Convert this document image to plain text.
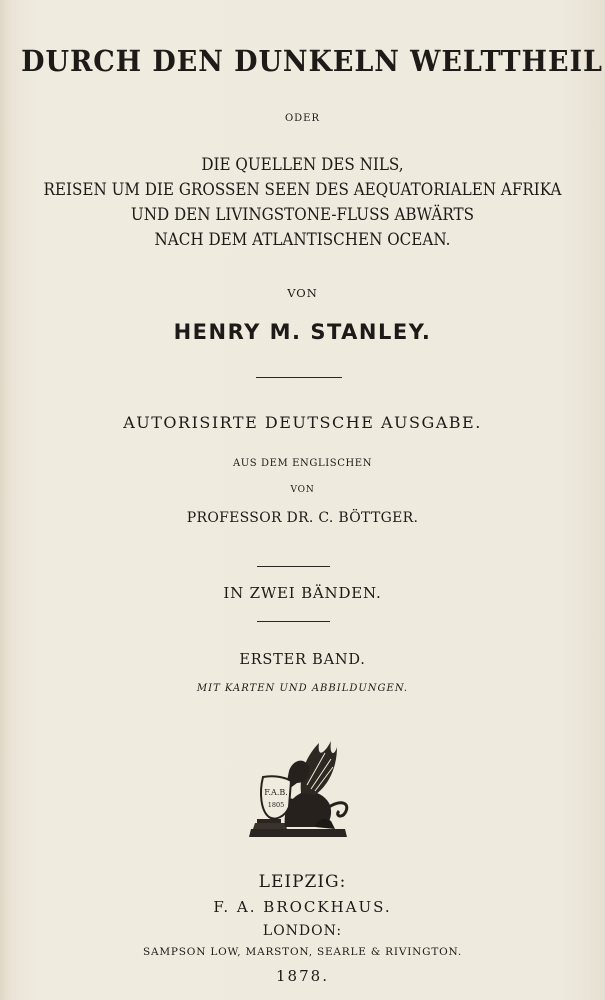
DURCH DEN DUNKELN WELTTHEIL
ODER
DIE QUELLEN DES NILS,
REISEN UM DIE GROSSEN SEEN DES AEQUATORIALEN AFRIKA
UND DEN LIVINGSTONE-FLUSS ABWÄRTS
NACH DEM ATLANTISCHEN OCEAN.
VON
HENRY M. STANLEY.
AUTORISIRTE DEUTSCHE AUSGABE.
AUS DEM ENGLISCHEN
VON
PROFESSOR DR. C. BÖTTGER.
IN ZWEI BÄNDEN.
ERSTER BAND.
MIT KARTEN UND ABBILDUNGEN.
F.A.B.
1805
LEIPZIG:
F. A. BROCKHAUS.
LONDON:
SAMPSON LOW, MARSTON, SEARLE & RIVINGTON.
1878.
